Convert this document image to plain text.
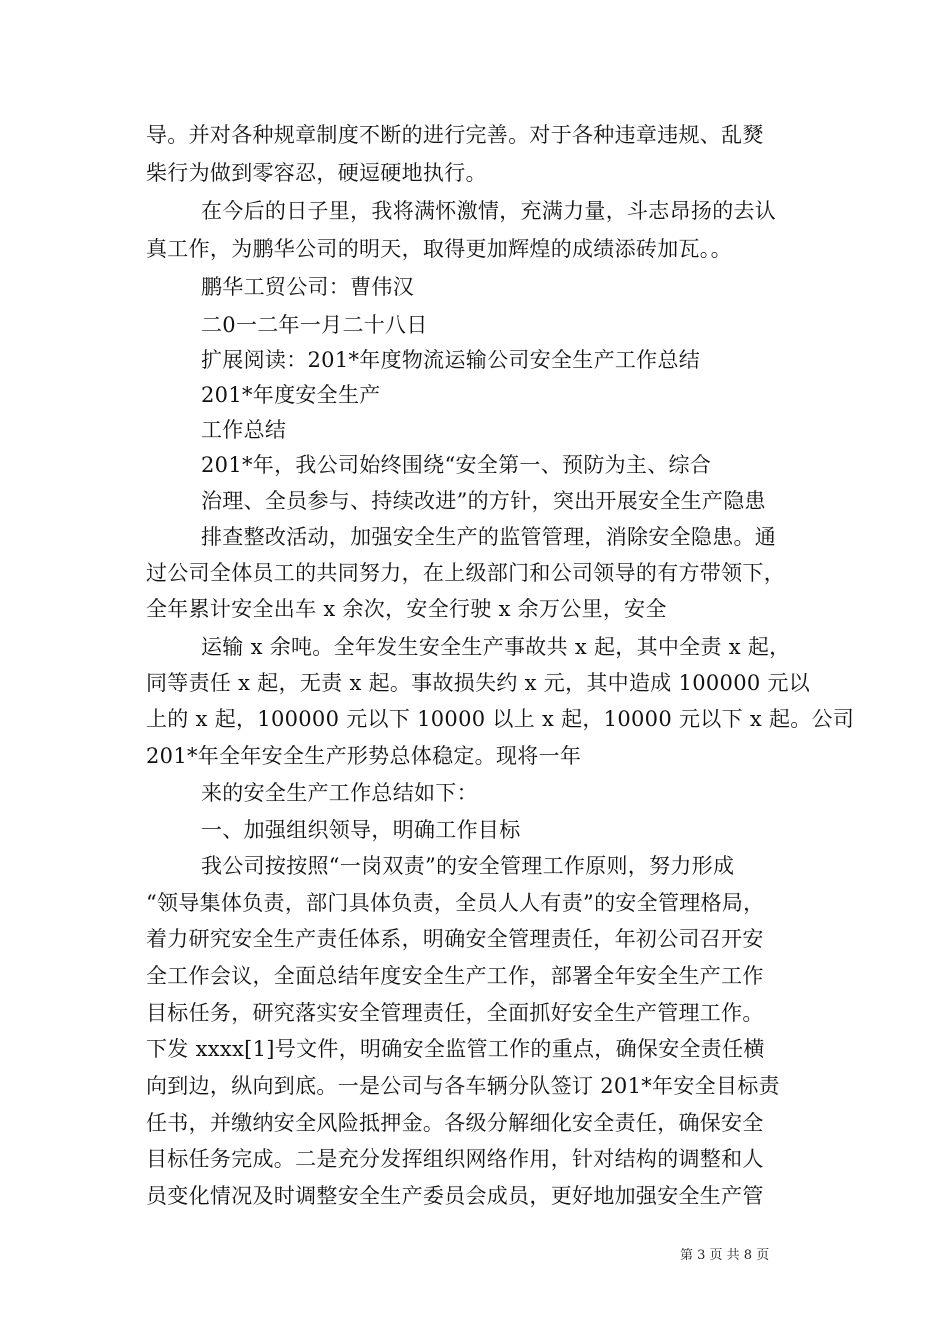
导。并对各种规章制度不断的进行完善。对于各种违章违规、乱燹
柴行为做到零容忍，硬逗硬地执行。
在今后的日子里，我将满怀激情，充满力量，斗志昂扬的去认
真工作，为鹏华公司的明天，取得更加辉煌的成绩添砖加瓦。。
鹏华工贸公司：曹伟汉
二0一二年一月二十八日
扩展阅读：201*年度物流运输公司安全生产工作总结
201*年度安全生产
工作总结
201*年，我公司始终围绕“安全第一、预防为主、综合
治理、全员参与、持续改进”的方针，突出开展安全生产隐患
排查整改活动，加强安全生产的监管管理，消除安全隐患。通
过公司全体员工的共同努力，在上级部门和公司领导的有方带领下，
全年累计安全出车 x 余次，安全行驶 x 余万公里，安全
运输 x 余吨。全年发生安全生产事故共 x 起，其中全责 x 起，
同等责任 x 起，无责 x 起。事故损失约 x 元，其中造成 100000 元以
上的 x 起，100000 元以下 10000 以上 x 起，10000 元以下 x 起。公司
201*年全年安全生产形势总体稳定。现将一年
来的安全生产工作总结如下：
一、加强组织领导，明确工作目标
我公司按按照“一岗双责”的安全管理工作原则，努力形成
“领导集体负责，部门具体负责，全员人人有责”的安全管理格局，
着力研究安全生产责任体系，明确安全管理责任，年初公司召开安
全工作会议，全面总结年度安全生产工作，部署全年安全生产工作
目标任务，研究落实安全管理责任，全面抓好安全生产管理工作。
下发 xxxx[1]号文件，明确安全监管工作的重点，确保安全责任横
向到边，纵向到底。一是公司与各车辆分队签订 201*年安全目标责
任书，并缴纳安全风险抵押金。各级分解细化安全责任，确保安全
目标任务完成。二是充分发挥组织网络作用，针对结构的调整和人
员变化情况及时调整安全生产委员会成员，更好地加强安全生产管
第 3 页 共 8 页
